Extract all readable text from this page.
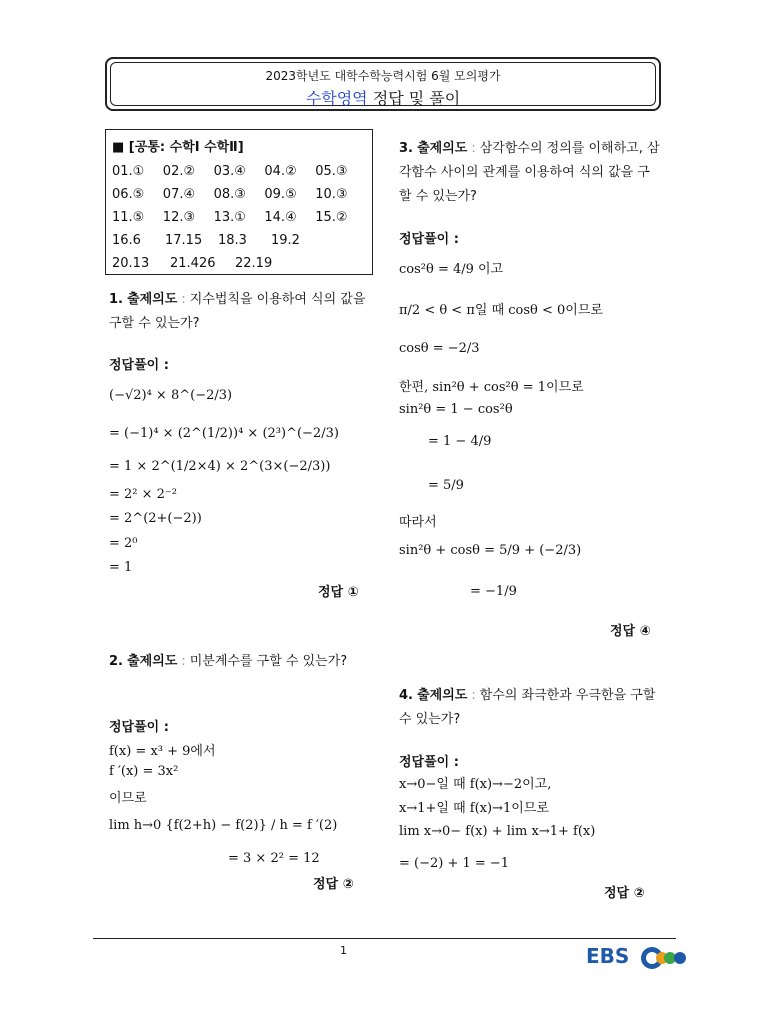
2023학년도 대학수학능력시험 6월 모의평가
수학영역 정답 및 풀이
■ [공통: 수학Ⅰ 수학Ⅱ]
01.①	02.②	03.④	04.②	05.③
06.⑤	07.④	08.③	09.⑤	10.③
11.⑤	12.③	13.①	14.④	15.②
16.6	17.15	18.3	19.2
20.13	21.426	22.19
1. 출제의도 : 지수법칙을 이용하여 식의 값을 구할 수 있는가?
정답풀이 :
(−√2)⁴ × 8^(−2/3)
= (−1)⁴ × (2^(1/2))⁴ × (2³)^(−2/3)
= 1 × 2^(1/2×4) × 2^(3×(−2/3))
= 2² × 2⁻²
= 2^(2+(−2))
= 2⁰
= 1
정답 ①
2. 출제의도 : 미분계수를 구할 수 있는가?
정답풀이 :
f(x) = x³ + 9에서
f ′(x) = 3x²
이므로
lim h→0 {f(2+h) − f(2)} / h = f ′(2)
= 3 × 2² = 12
정답 ②
3. 출제의도 : 삼각함수의 정의를 이해하고, 삼각함수 사이의 관계를 이용하여 식의 값을 구할 수 있는가?
정답풀이 :
cos²θ = 4/9 이고
π/2 < θ < π일 때 cosθ < 0이므로
cosθ = −2/3
한편, sin²θ + cos²θ = 1이므로
sin²θ = 1 − cos²θ
= 1 − 4/9
= 5/9
따라서
sin²θ + cosθ = 5/9 + (−2/3)
= −1/9
정답 ④
4. 출제의도 : 함수의 좌극한과 우극한을 구할 수 있는가?
정답풀이 :
x→0−일 때 f(x)→−2이고,
x→1+일 때 f(x)→1이므로
lim x→0− f(x) + lim x→1+ f(x)
= (−2) + 1 = −1
정답 ②
1	EBS
